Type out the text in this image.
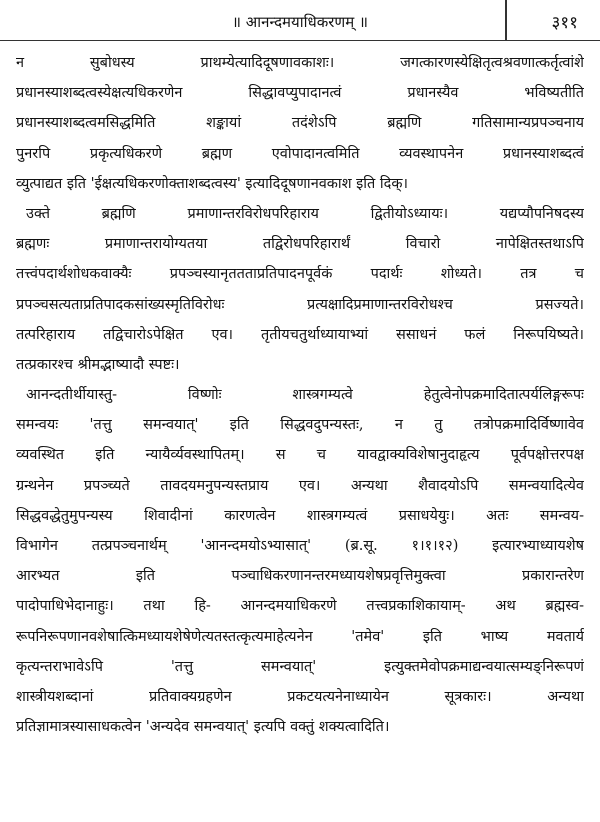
॥ आनन्दमयाधिकरणम् ॥	३११
न सुबोधस्य प्राथम्येत्यादिदूषणावकाशः। जगत्कारणस्येक्षितृत्वश्रवणात्कर्तृत्वांशे
प्रधानस्याशब्दत्वस्येक्षत्यधिकरणेन सिद्धावप्युपादानत्वं प्रधानस्यैव भविष्यतीति
प्रधानस्याशब्दत्वमसिद्धमिति शङ्कायां तदंशेऽपि ब्रह्मणि गतिसामान्यप्रपञ्चनाय
पुनरपि प्रकृत्यधिकरणे ब्रह्मण एवोपादानत्वमिति व्यवस्थापनेन प्रधानस्याशब्दत्वं
व्युत्पाद्यत इति 'ईक्षत्यधिकरणोक्ताशब्दत्वस्य' इत्यादिदूषणानवकाश इति दिक्।
उक्ते ब्रह्मणि प्रमाणान्तरविरोधपरिहाराय द्वितीयोऽध्यायः। यद्यप्यौपनिषदस्य
ब्रह्मणः प्रमाणान्तरायोग्यतया तद्विरोधपरिहारार्थं विचारो नापेक्षितस्तथाऽपि
तत्त्वंपदार्थशोधकवाक्यैः प्रपञ्चस्यानृततताप्रतिपादनपूर्वकं पदार्थः शोध्यते। तत्र च
प्रपञ्चसत्यताप्रतिपादकसांख्यस्मृतिविरोधः प्रत्यक्षादिप्रमाणान्तरविरोधश्च प्रसज्यते।
तत्परिहाराय तद्विचारोऽपेक्षित एव। तृतीयचतुर्थाध्यायाभ्यां ससाधनं फलं निरूपयिष्यते।
तत्प्रकारश्च श्रीमद्भाष्यादौ स्पष्टः।
आनन्दतीर्थीयास्तु- विष्णोः शास्त्रगम्यत्वे हेतुत्वेनोपक्रमादितात्पर्यलिङ्गरूपः
समन्वयः 'तत्तु समन्वयात्' इति सिद्धवदुपन्यस्तः, न तु तत्रोपक्रमादिर्विष्णावेव
व्यवस्थित इति न्यायैर्व्यवस्थापितम्। स च यावद्वाक्यविशेषानुदाहृत्य पूर्वपक्षोत्तरपक्ष
ग्रन्थनेन प्रपञ्च्यते तावदयमनुपन्यस्तप्राय एव। अन्यथा शैवादयोऽपि समन्वयादित्येव
सिद्धवद्धेतुमुपन्यस्य शिवादीनां कारणत्वेन शास्त्रगम्यत्वं प्रसाधयेयुः। अतः समन्वय-
विभागेन तत्प्रपञ्चनार्थम् 'आनन्दमयोऽभ्यासात्' (ब्र.सू. १।१।१२) इत्यारभ्याध्यायशेष
आरभ्यत इति पञ्चाधिकरणानन्तरमध्यायशेषप्रवृत्तिमुक्त्वा प्रकारान्तरेण
पादोपाधिभेदानाहुः। तथा हि- आनन्दमयाधिकरणे तत्त्वप्रकाशिकायाम्- अथ ब्रह्मस्व-
रूपनिरूपणानवशेषात्किमध्यायशेषेणेत्यतस्तत्कृत्यमाहेत्यनेन 'तमेव' इति भाष्य मवतार्य
कृत्यन्तराभावेऽपि 'तत्तु समन्वयात्' इत्युक्तमेवोपक्रमाद्यन्वयात्सम्यङ्निरूपणं
शास्त्रीयशब्दानां प्रतिवाक्यग्रहणेन प्रकटयत्यनेनाध्यायेन सूत्रकारः। अन्यथा
प्रतिज्ञामात्रस्यासाधकत्वेन 'अन्यदेव समन्वयात्' इत्यपि वक्तुं शक्यत्वादिति।
